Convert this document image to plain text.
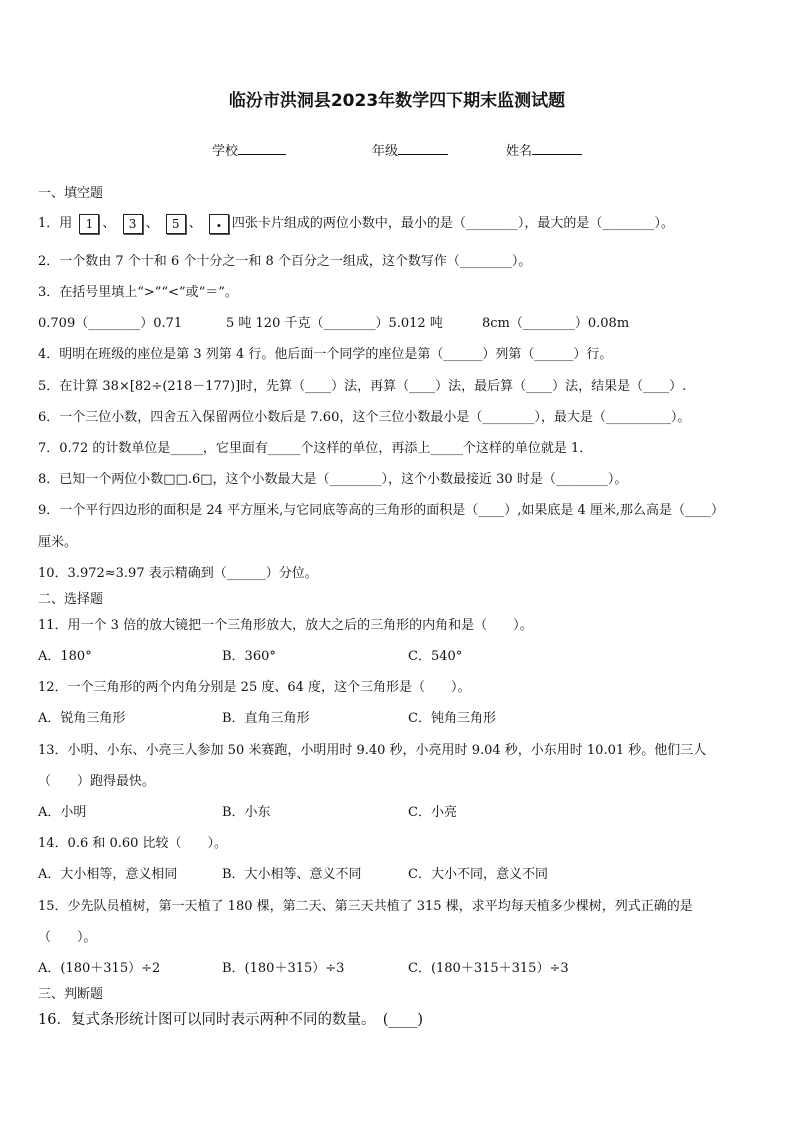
临汾市洪洞县2023年数学四下期末监测试题
学校	年级	姓名
一、填空题
1．用 1 、 3 、 5 、 . 四张卡片组成的两位小数中，最小的是（________），最大的是（________）。
2．一个数由 7 个十和 6 个十分之一和 8 个百分之一组成，这个数写作（________）。
3．在括号里填上“>”“<”或“＝”。
0.709（________）0.71	5 吨 120 千克（________）5.012 吨	8cm（________）0.08m
4．明明在班级的座位是第 3 列第 4 行。他后面一个同学的座位是第（______）列第（______）行。
5．在计算 38×[82÷(218－177)]时，先算（____）法，再算（____）法，最后算（____）法，结果是（____）.
6．一个三位小数，四舍五入保留两位小数后是 7.60，这个三位小数最小是（________），最大是（__________）。
7．0.72 的计数单位是_____，它里面有_____个这样的单位，再添上_____个这样的单位就是 1．
8．已知一个两位小数□□.6□，这个小数最大是（________），这个小数最接近 30 时是（________）。
9．一个平行四边形的面积是 24 平方厘米,与它同底等高的三角形的面积是（____）,如果底是 4 厘米,那么高是（____）
厘米。
10．3.972≈3.97 表示精确到（______）分位。
二、选择题
11．用一个 3 倍的放大镜把一个三角形放大，放大之后的三角形的内角和是（　　）。
A．180°	B．360°	C．540°
12．一个三角形的两个内角分别是 25 度、64 度，这个三角形是（　　）。
A．锐角三角形	B．直角三角形	C．钝角三角形
13．小明、小东、小亮三人参加 50 米赛跑，小明用时 9.40 秒，小亮用时 9.04 秒，小东用时 10.01 秒。他们三人
（　　）跑得最快。
A．小明	B．小东	C．小亮
14．0.6 和 0.60 比较（　　）。
A．大小相等，意义相同	B．大小相等、意义不同	C．大小不同，意义不同
15．少先队员植树，第一天植了 180 棵，第二天、第三天共植了 315 棵，求平均每天植多少棵树，列式正确的是
（　　）。
A．(180＋315）÷2	B．(180＋315）÷3	C．(180＋315＋315）÷3
三、判断题
16．复式条形统计图可以同时表示两种不同的数量。　(____)
